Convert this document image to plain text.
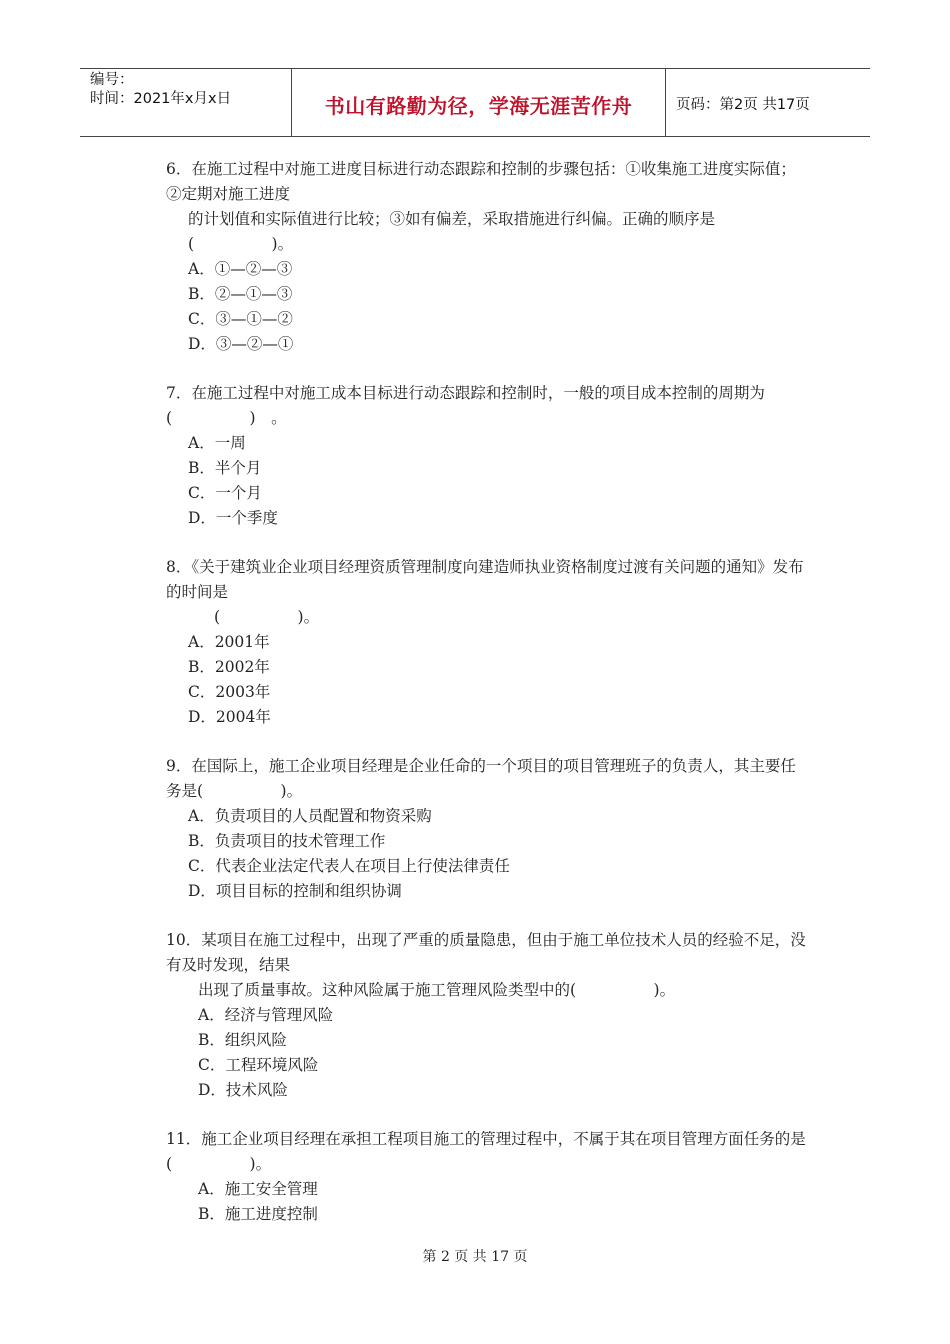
编号：
时间：2021年x月x日	书山有路勤为径，学海无涯苦作舟	页码：第2页 共17页

6．在施工过程中对施工进度目标进行动态跟踪和控制的步骤包括：①收集施工进度实际值；②定期对施工进度

的计划值和实际值进行比较；③如有偏差，采取措施进行纠偏。正确的顺序是(　　　　　)。

A．①—②—③

B．②—①—③

C．③—①—②

D．③—②—①

7．在施工过程中对施工成本目标进行动态跟踪和控制时，一般的项目成本控制的周期为(　　　　　)　。

A．一周

B．半个月

C．一个月

D．一个季度

8．《关于建筑业企业项目经理资质管理制度向建造师执业资格制度过渡有关问题的通知》发布的时间是

(　　　　　)。

A．2001年

B．2002年

C．2003年

D．2004年

9．在国际上，施工企业项目经理是企业任命的一个项目的项目管理班子的负责人，其主要任务是(　　　　　)。

A．负责项目的人员配置和物资采购

B．负责项目的技术管理工作

C．代表企业法定代表人在项目上行使法律责任

D．项目目标的控制和组织协调

10．某项目在施工过程中，出现了严重的质量隐患，但由于施工单位技术人员的经验不足，没有及时发现，结果

出现了质量事故。这种风险属于施工管理风险类型中的(　　　　　)。

A．经济与管理风险

B．组织风险

C．工程环境风险

D．技术风险

11．施工企业项目经理在承担工程项目施工的管理过程中，不属于其在项目管理方面任务的是(　　　　　)。

A．施工安全管理

B．施工进度控制

第 2 页 共 17 页
